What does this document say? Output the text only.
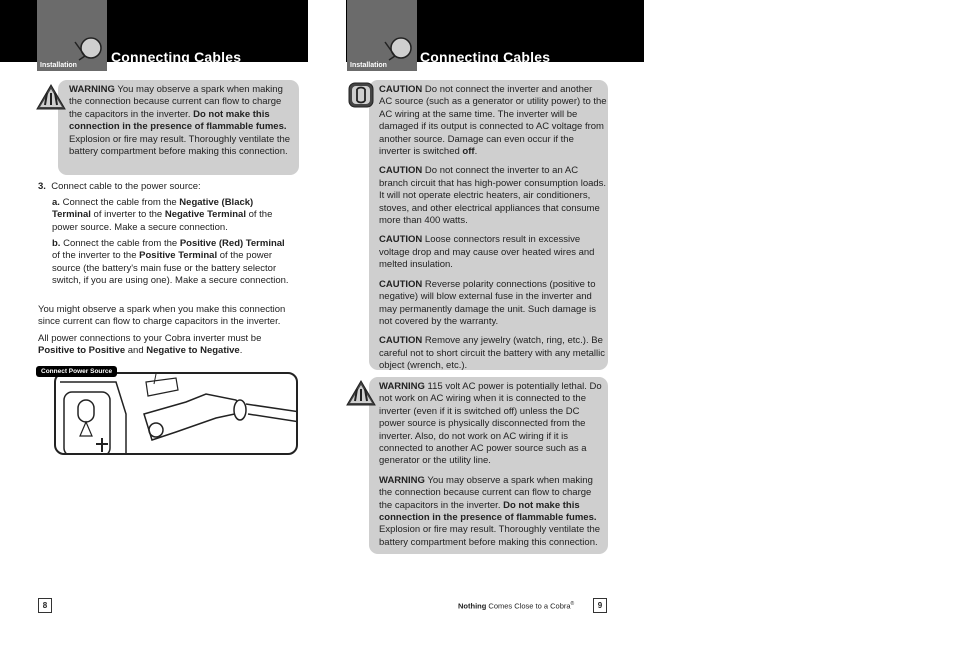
Installation
Connecting Cables
Installation
Connecting Cables
WARNING You may observe a spark when making the connection because current can flow to charge the capacitors in the inverter. Do not make this connection in the presence of flammable fumes. Explosion or fire may result. Thoroughly ventilate the battery compartment before making this connection.
3. Connect cable to the power source:
a. Connect the cable from the Negative (Black) Terminal of inverter to the Negative Terminal of the power source. Make a secure connection.
b. Connect the cable from the Positive (Red) Terminal of the inverter to the Positive Terminal of the power source (the battery's main fuse or the battery selector switch, if you are using one). Make a secure connection.
You might observe a spark when you make this connection since current can flow to charge capacitors in the inverter.
All power connections to your Cobra inverter must be Positive to Positive and Negative to Negative.
Connect Power Source

CAUTION Do not connect the inverter and another AC source (such as a generator or utility power) to the AC wiring at the same time. The inverter will be damaged if its output is connected to AC voltage from another source. Damage can even occur if the inverter is switched off.

CAUTION Do not connect the inverter to an AC branch circuit that has high-power consumption loads. It will not operate electric heaters, air conditioners, stoves, and other electrical appliances that consume more than 400 watts.

CAUTION Loose connectors result in excessive voltage drop and may cause over heated wires and melted insulation.

CAUTION Reverse polarity connections (positive to negative) will blow external fuse in the inverter and may permanently damage the unit. Such damage is not covered by the warranty.

CAUTION Remove any jewelry (watch, ring, etc.). Be careful not to short circuit the battery with any metallic object (wrench, etc.).

WARNING 115 volt AC power is potentially lethal. Do not work on AC wiring when it is connected to the inverter (even if it is switched off) unless the DC power source is physically disconnected from the inverter. Also, do not work on AC wiring if it is connected to another AC power source such as a generator or the utility line.

WARNING You may observe a spark when making the connection because current can flow to charge the capacitors in the inverter. Do not make this connection in the presence of flammable fumes. Explosion or fire may result. Thoroughly ventilate the battery compartment before making this connection.

8	Nothing Comes Close to a Cobra®	9
